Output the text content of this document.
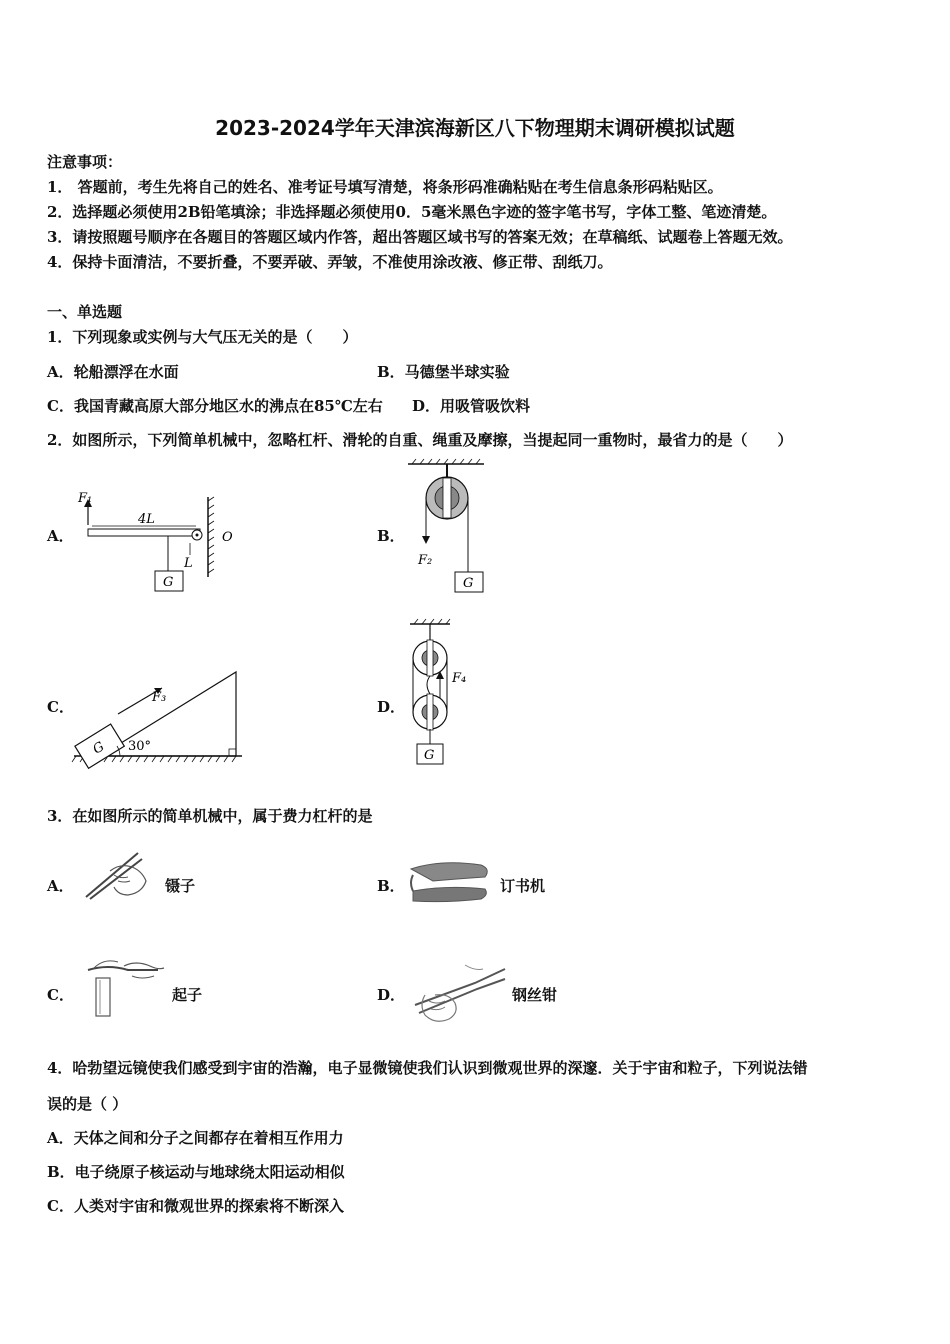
2023-2024学年天津滨海新区八下物理期末调研模拟试题
注意事项：
1． 答题前，考生先将自己的姓名、准考证号填写清楚，将条形码准确粘贴在考生信息条形码粘贴区。
2．选择题必须使用2B铅笔填涂；非选择题必须使用0．5毫米黑色字迹的签字笔书写，字体工整、笔迹清楚。
3．请按照题号顺序在各题目的答题区域内作答，超出答题区域书写的答案无效；在草稿纸、试题卷上答题无效。
4．保持卡面清洁，不要折叠，不要弄破、弄皱，不准使用涂改液、修正带、刮纸刀。
一、单选题
1．下列现象或实例与大气压无关的是（　　）
A．轮船漂浮在水面	B．马德堡半球实验
C．我国青藏高原大部分地区水的沸点在85℃左右 D．用吸管吸饮料
2．如图所示，下列简单机械中，忽略杠杆、滑轮的自重、绳重及摩擦，当提起同一重物时，最省力的是（　　）
A．
F₁
4L
O
L
G
B．
F₂
G
C．
G
F₃
30°
D．
F₄
G
3．在如图所示的简单机械中，属于费力杠杆的是
A．	镊子	B．	订书机
C．	起子	D．	钢丝钳
4．哈勃望远镜使我们感受到宇宙的浩瀚，电子显微镜使我们认识到微观世界的深邃．关于宇宙和粒子，下列说法错
误的是（ ）
A．天体之间和分子之间都存在着相互作用力
B．电子绕原子核运动与地球绕太阳运动相似
C．人类对宇宙和微观世界的探索将不断深入
